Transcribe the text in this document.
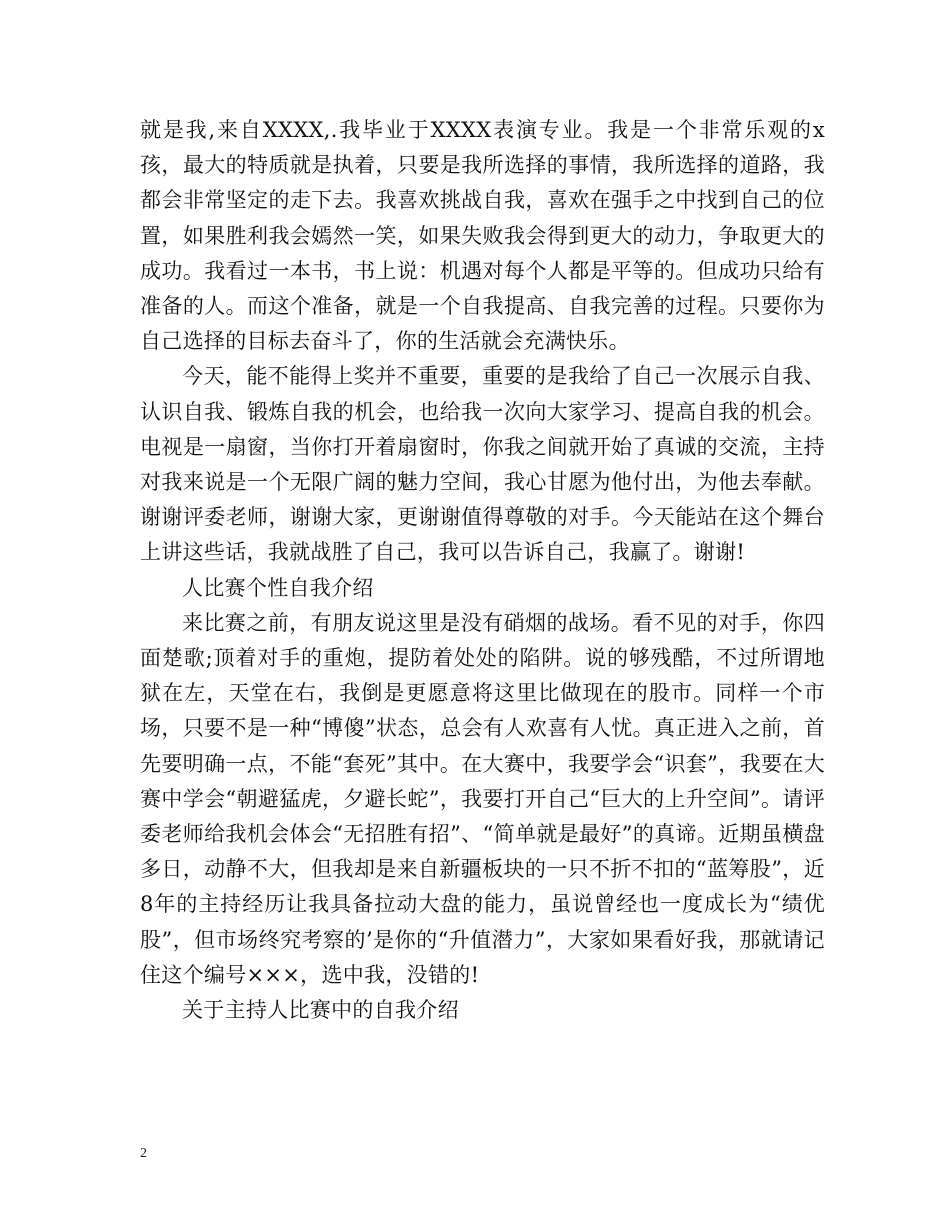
就是我,来自XXXX,.我毕业于XXXX表演专业。我是一个非常乐观的x孩，最大的特质就是执着，只要是我所选择的事情，我所选择的道路，我都会非常坚定的走下去。我喜欢挑战自我，喜欢在强手之中找到自己的位置，如果胜利我会嫣然一笑，如果失败我会得到更大的动力，争取更大的成功。我看过一本书，书上说：机遇对每个人都是平等的。但成功只给有准备的人。而这个准备，就是一个自我提高、自我完善的过程。只要你为自己选择的目标去奋斗了，你的生活就会充满快乐。

今天，能不能得上奖并不重要，重要的是我给了自己一次展示自我、认识自我、锻炼自我的机会，也给我一次向大家学习、提高自我的机会。电视是一扇窗，当你打开着扇窗时，你我之间就开始了真诚的交流，主持对我来说是一个无限广阔的魅力空间，我心甘愿为他付出，为他去奉献。谢谢评委老师，谢谢大家，更谢谢值得尊敬的对手。今天能站在这个舞台上讲这些话，我就战胜了自己，我可以告诉自己，我赢了。谢谢!

人比赛个性自我介绍

来比赛之前，有朋友说这里是没有硝烟的战场。看不见的对手，你四面楚歌;顶着对手的重炮，提防着处处的陷阱。说的够残酷，不过所谓地狱在左，天堂在右，我倒是更愿意将这里比做现在的股市。同样一个市场，只要不是一种“博傻”状态，总会有人欢喜有人忧。真正进入之前，首先要明确一点，不能“套死”其中。在大赛中，我要学会“识套”，我要在大赛中学会“朝避猛虎，夕避长蛇”，我要打开自己“巨大的上升空间”。请评委老师给我机会体会“无招胜有招”、“简单就是最好”的真谛。近期虽横盘多日，动静不大，但我却是来自新疆板块的一只不折不扣的“蓝筹股”，近8年的主持经历让我具备拉动大盘的能力，虽说曾经也一度成长为“绩优股”，但市场终究考察的’是你的“升值潜力”，大家如果看好我，那就请记住这个编号×××，选中我，没错的!

关于主持人比赛中的自我介绍

2
